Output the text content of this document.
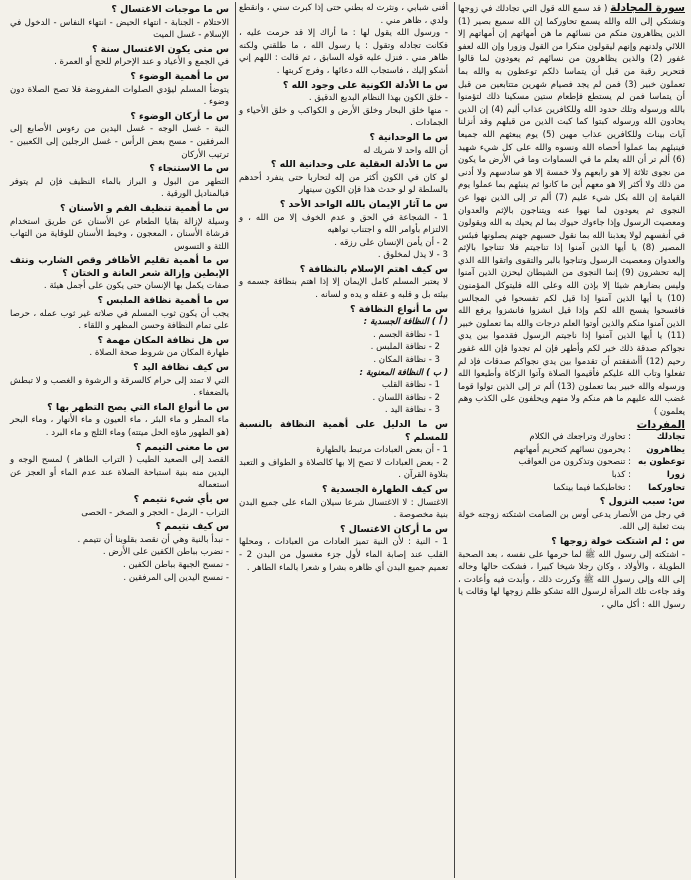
سورة المجادلة ( قد سمع الله قول التي تجادلك في زوجها وتشتكي إلى الله والله يسمع تحاوركما إن الله سميع بصير (1) الذين يظاهرون منكم من نسائهم ما هن أمهاتهم إن أمهاتهم إلا اللائي ولدنهم وإنهم ليقولون منكرا من القول وزورا وإن الله لعفو غفور (2) والذين يظاهرون من نسائهم ثم يعودون لما قالوا فتحرير رقبة من قبل أن يتماسا ذلكم توعظون به والله بما تعملون خبير (3) فمن لم يجد فصيام شهرين متتابعين من قبل أن يتماسا فمن لم يستطع فإطعام ستين مسكينا ذلك لتؤمنوا بالله ورسوله وتلك حدود الله وللكافرين عذاب أليم (4) إن الذين يحادون الله ورسوله كبتوا كما كبت الذين من قبلهم وقد أنزلنا آيات بينات وللكافرين عذاب مهين (5) يوم يبعثهم الله جميعا فينبئهم بما عملوا أحصاه الله ونسوه والله على كل شيء شهيد (6) ألم تر أن الله يعلم ما في السماوات وما في الأرض ما يكون من نجوى ثلاثة إلا هو رابعهم ولا خمسة إلا هو سادسهم ولا أدنى من ذلك ولا أكثر إلا هو معهم أين ما كانوا ثم ينبئهم بما عملوا يوم القيامة إن الله بكل شيء عليم (7) ألم تر إلى الذين نهوا عن النجوى ثم يعودون لما نهوا عنه ويتناجون بالإثم والعدوان ومعصيت الرسول وإذا جاءوك حيوك بما لم يحيك به الله ويقولون في أنفسهم لولا يعذبنا الله بما نقول حسبهم جهنم يصلونها فبئس المصير (8) يا أيها الذين آمنوا إذا تناجيتم فلا تتناجوا بالإثم والعدوان ومعصيت الرسول وتناجوا بالبر والتقوى واتقوا الله الذي إليه تحشرون (9) إنما النجوى من الشيطان ليحزن الذين آمنوا وليس بضارهم شيئا إلا بإذن الله وعلى الله فليتوكل المؤمنون (10) يا أيها الذين آمنوا إذا قيل لكم تفسحوا في المجالس فافسحوا يفسح الله لكم وإذا قيل انشزوا فانشزوا يرفع الله الذين آمنوا منكم والذين أوتوا العلم درجات والله بما تعملون خبير (11) يا أيها الذين آمنوا إذا ناجيتم الرسول فقدموا بين يدي نجواكم صدقة ذلك خير لكم وأطهر فإن لم تجدوا فإن الله غفور رحيم (12) أأشفقتم أن تقدموا بين يدي نجواكم صدقات فإذ لم تفعلوا وتاب الله عليكم فأقيموا الصلاة وآتوا الزكاة وأطيعوا الله ورسوله والله خبير بما تعملون (13) ألم تر إلى الذين تولوا قوما غضب الله عليهم ما هم منكم ولا منهم ويحلفون على الكذب وهم يعلمون )

المفردات
تجادلك
: تحاورك وتراجعك في الكلام
يظاهرون
: يحرمون نسائهم كتحريم أمهاتهم
توعظون به
: تنصحون وتذكرون من العواقب
زورا
: كذبا
تحاوركما
: تخاطبكما فيما بينكما
س: سبب النزول ؟

في رجل من الأنصار يدعى أوس بن الصامت اشتكته زوجته خولة بنت ثعلبة إلى الله.

س : لم اشتكت خولة زوجها ؟

- اشتكته إلى رسول الله ﷺ لما حرمها على نفسه ، بعد الصحبة الطويلة ، والأولاد ، وكان رجلا شيخا كبيرا ، فشكت حالها وحاله إلى الله وإلى رسول الله ﷺ وكررت ذلك ، وأبدت فيه وأعادت ، وقد جاءت تلك المرأة لرسول الله تشكو ظلم زوجها لها وقالت يا رسول الله : أكل مالي ،

أفنى شبابي ، ونثرت له بطني حتى إذا كبرت سني ، وانقطع ولدي ، ظاهر مني .

- ورسول الله يقول لها : ما أراك إلا قد حرمت عليه ، فكانت تجادله وتقول : يا رسول الله ، ما طلقني ولكنه ظاهر مني . فنزل عليه قوله السابق ، ثم قالت : اللهم إني أشكو إليك ، فاستجاب الله دعائها ، وفرج كربتها .

س ما الأدلة الكونية على وجود الله ؟

- خلق الكون بهذا النظام البديع الدقيق .

- منها خلق البحار وخلق الأرض و الكواكب و خلق الأحياء و الجمادات .

س ما الوحدانية ؟

أن الله واحد لا شريك له

س ما الأدلة العقلية على وحدانية الله ؟

لو كان في الكون أكثر من إله لتحاربا حتى ينفرد أحدهم بالسلطة لو لو حدث هذا فإن الكون سينهار

س ما آثار الإيمان بالله الواحد الأحد ؟

1 - الشجاعة في الحق و عدم الخوف إلا من الله ، و الالتزام بأوامر الله و اجتناب نواهيه

2 - أن يأمن الإنسان على رزقه .

3 - لا يذل لمخلوق .

س كيف اهتم الإسلام بالنظافة ؟

لا يعتبر المسلم كامل الإيمان إلا إذا اهتم بنظافة جسمه و بيئته بل و قلبه و عقله و يده و لسانه .

س ما أنواع النظافة ؟
( أ ) النظافة الجسدية :

1 - نظافة الجسم .

2 - نظافة الملبس .

3 - نظافة المكان .

( ب ) النظافة المعنوية :

1 - نظافة القلب

2 - نظافة اللسان .

3 - نظافة اليد .

س ما الدليل على أهمية النظافة بالنسبة للمسلم ؟

1 - أن بعض العبادات مرتبط بالطهارة

2 - بعض العبادات لا تصح إلا بها كالصلاة و الطواف و التعبد بتلاوة القرآن .

س كيف الطهارة الجسدية ؟

الاغتسال : لا الاغتسال شرعا سيلان الماء على جميع البدن بنية مخصوصة .

س ما أركان الاغتسال ؟

1 - النية : لأن النية تميز العادات من العبادات ، ومحلها القلب عند إصابة الماء لأول جزء مغسول من البدن 2 - تعميم جميع البدن أي ظاهره بشرا و شعرا بالماء الطاهر .

س ما موجبات الاغتسال ؟

الاحتلام - الجنابة - انتهاء الحيض - انتهاء النفاس - الدخول في الإسلام - غسل الميت

س متى يكون الاغتسال سنة ؟

في الجمع و الأعياد و عند الإحرام للحج أو العمرة .

س ما أهمية الوضوء ؟

يتوضأ المسلم ليؤدي الصلوات المفروضة فلا تصح الصلاة دون وضوء .

س ما أركان الوضوء ؟

النية - غسل الوجه - غسل اليدين من رءوس الأصابع إلى المرفقين - مسح بعض الرأس - غسل الرجلين إلى الكعبين - ترتيب الأركان

س ما الاستنجاء ؟

التطهر من البول و البراز بالماء النظيف فإن لم يتوفر فبالمناديل الورقية .

س ما أهمية تنظيف الفم و الأسنان ؟

وسيلة لإزالة بقايا الطعام عن الأسنان عن طريق استخدام فرشاة الأسنان ، المعجون ، وخيط الأسنان للوقاية من التهاب اللثة و التسوس

س ما أهمية تقليم الأظافر وقص الشارب ونتف الإبطين وإزالة شعر العانة و الختان ؟

صفات يكمل بها الإنسان حتى يكون على أجمل هيئة .

س ما أهمية نظافة الملبس ؟

يجب أن يكون ثوب المسلم في صلاته غير ثوب عمله ، حرصا على تمام النظافة وحسن المظهر و اللقاء .

س هل نظافة المكان مهمة ؟

طهارة المكان من شروط صحة الصلاة .

س كيف نظافة اليد ؟

التي لا تمتد إلى حرام كالسرقة و الرشوة و الغصب و لا تبطش بالضعفاء .

س ما أنواع الماء التي يصح التطهر بها ؟

ماء المطر و ماء البئر ، ماء العيون و ماء الأنهار ، وماء البحر (هو الطهور ماؤه الحل ميتته) وماء الثلج و ماء البرد .

س ما معنى التيمم ؟

القصد إلى الصعيد الطيب ( التراب الطاهر ) لمسح الوجه و اليدين منه بنية استباحة الصلاة عند عدم الماء أو العجز عن استعماله

س بأي شيء نتيمم ؟

التراب - الرمل - الحجر و الصخر - الحصى

س كيف نتيمم ؟

- نبدأ بالنية وهي أن نقصد بقلوبنا أن نتيمم .

- نضرب بباطن الكفين على الأرض .

- نمسح الجبهة بباطن الكفين .

- نمسح اليدين إلى المرفقين .
